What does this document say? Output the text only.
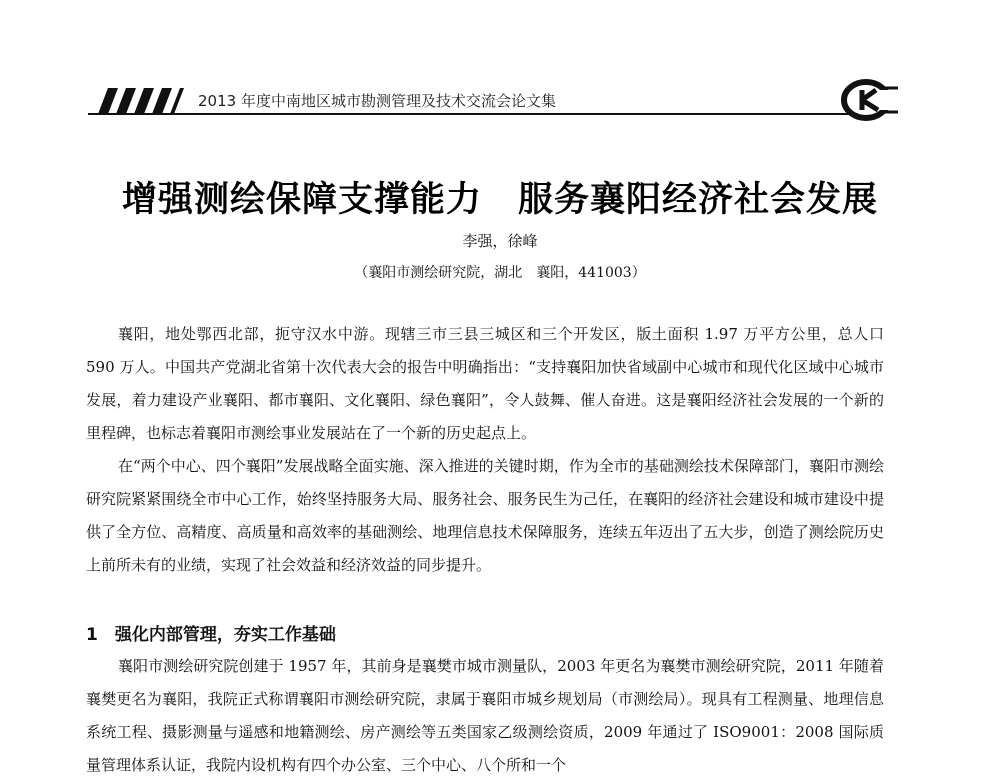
2013 年度中南地区城市勘测管理及技术交流会论文集
增强测绘保障支撑能力　服务襄阳经济社会发展
李强，徐峰
（襄阳市测绘研究院，湖北　襄阳，441003）

襄阳，地处鄂西北部，扼守汉水中游。现辖三市三县三城区和三个开发区，版土面积 1.97 万平方公里，总人口 590 万人。中国共产党湖北省第十次代表大会的报告中明确指出：“支持襄阳加快省域副中心城市和现代化区域中心城市发展，着力建设产业襄阳、都市襄阳、文化襄阳、绿色襄阳”，令人鼓舞、催人奋进。这是襄阳经济社会发展的一个新的里程碑，也标志着襄阳市测绘事业发展站在了一个新的历史起点上。

在“两个中心、四个襄阳”发展战略全面实施、深入推进的关键时期，作为全市的基础测绘技术保障部门，襄阳市测绘研究院紧紧围绕全市中心工作，始终坚持服务大局、服务社会、服务民生为己任，在襄阳的经济社会建设和城市建设中提供了全方位、高精度、高质量和高效率的基础测绘、地理信息技术保障服务，连续五年迈出了五大步，创造了测绘院历史上前所未有的业绩，实现了社会效益和经济效益的同步提升。

1　强化内部管理，夯实工作基础

襄阳市测绘研究院创建于 1957 年，其前身是襄樊市城市测量队，2003 年更名为襄樊市测绘研究院，2011 年随着襄樊更名为襄阳，我院正式称谓襄阳市测绘研究院，隶属于襄阳市城乡规划局（市测绘局）。现具有工程测量、地理信息系统工程、摄影测量与遥感和地籍测绘、房产测绘等五类国家乙级测绘资质，2009 年通过了 ISO9001：2008 国际质量管理体系认证，我院内设机构有四个办公室、三个中心、八个所和一个
